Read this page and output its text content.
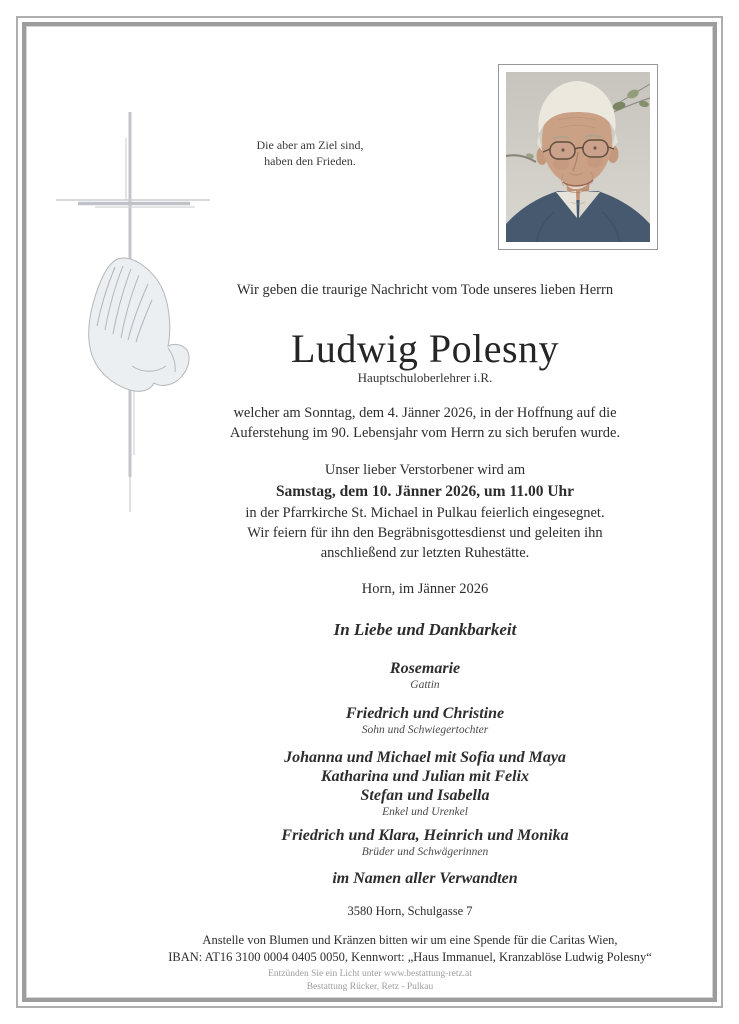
Die aber am Ziel sind,
haben den Frieden.
Wir geben die traurige Nachricht vom Tode unseres lieben Herrn
Ludwig Polesny
Hauptschuloberlehrer i.R.
welcher am Sonntag, dem 4. Jänner 2026, in der Hoffnung auf die
Auferstehung im 90. Lebensjahr vom Herrn zu sich berufen wurde.
Unser lieber Verstorbener wird am
Samstag, dem 10. Jänner 2026, um 11.00 Uhr
in der Pfarrkirche St. Michael in Pulkau feierlich eingesegnet.
Wir feiern für ihn den Begräbnisgottesdienst und geleiten ihn
anschließend zur letzten Ruhestätte.
Horn, im Jänner 2026
In Liebe und Dankbarkeit
Rosemarie
Gattin
Friedrich und Christine
Sohn und Schwiegertochter
Johanna und Michael mit Sofia und Maya
Katharina und Julian mit Felix
Stefan und Isabella
Enkel und Urenkel
Friedrich und Klara, Heinrich und Monika
Brüder und Schwägerinnen
im Namen aller Verwandten
3580 Horn, Schulgasse 7
Anstelle von Blumen und Kränzen bitten wir um eine Spende für die Caritas Wien,
IBAN: AT16 3100 0004 0405 0050, Kennwort: „Haus Immanuel, Kranzablöse Ludwig Polesny“
Entzünden Sie ein Licht unter www.bestattung-retz.at
Bestattung Rücker, Retz - Pulkau
